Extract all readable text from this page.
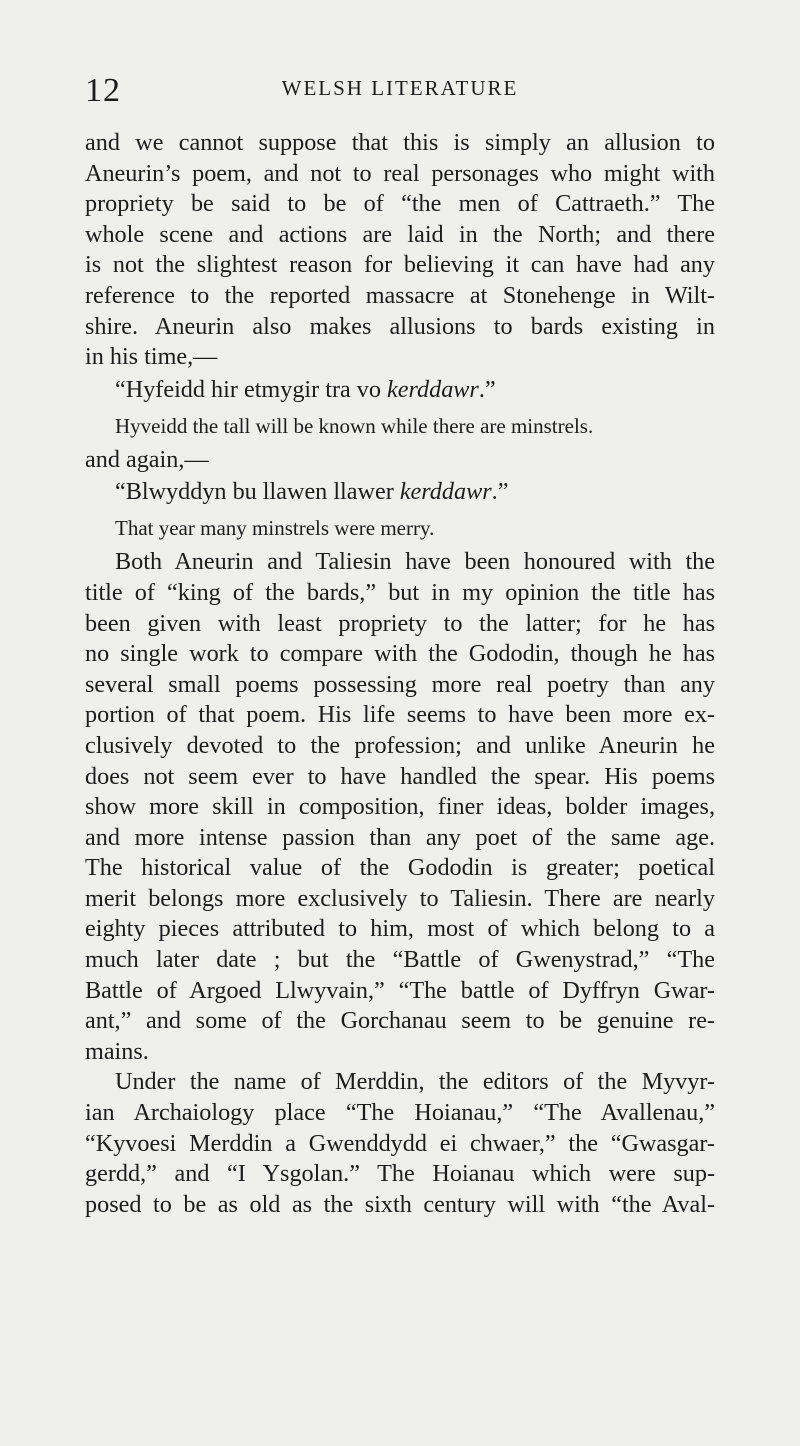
12	WELSH LITERATURE
and we cannot suppose that this is simply an allusion to
Aneurin’s poem, and not to real personages who might with
propriety be said to be of “the men of Cattraeth.” The
whole scene and actions are laid in the North; and there
is not the slightest reason for believing it can have had any
reference to the reported massacre at Stonehenge in Wilt-
shire. Aneurin also makes allusions to bards existing in
in his time,—
“Hyfeidd hir etmygir tra vo kerddawr.”
Hyveidd the tall will be known while there are minstrels.
and again,—
“Blwyddyn bu llawen llawer kerddawr.”
That year many minstrels were merry.
Both Aneurin and Taliesin have been honoured with the
title of “king of the bards,” but in my opinion the title has
been given with least propriety to the latter; for he has
no single work to compare with the Gododin, though he has
several small poems possessing more real poetry than any
portion of that poem. His life seems to have been more ex-
clusively devoted to the profession; and unlike Aneurin he
does not seem ever to have handled the spear. His poems
show more skill in composition, finer ideas, bolder images,
and more intense passion than any poet of the same age.
The historical value of the Gododin is greater; poetical
merit belongs more exclusively to Taliesin. There are nearly
eighty pieces attributed to him, most of which belong to a
much later date ; but the “Battle of Gwenystrad,” “The
Battle of Argoed Llwyvain,” “The battle of Dyffryn Gwar-
ant,” and some of the Gorchanau seem to be genuine re-
mains.
Under the name of Merddin, the editors of the Myvyr-
ian Archaiology place “The Hoianau,” “The Avallenau,”
“Kyvoesi Merddin a Gwenddydd ei chwaer,” the “Gwasgar-
gerdd,” and “I Ysgolan.” The Hoianau which were sup-
posed to be as old as the sixth century will with “the Aval-
